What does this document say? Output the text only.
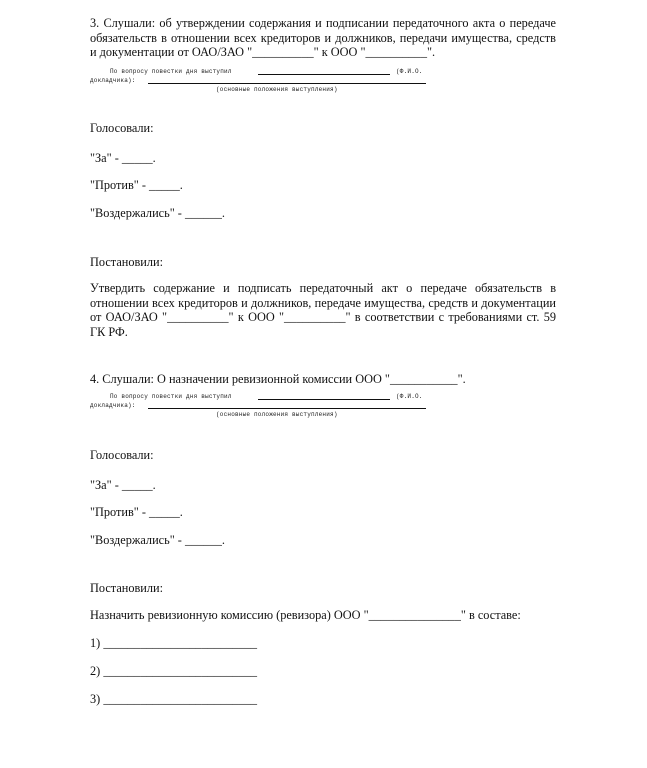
3. Слушали: об утверждении содержания и подписании передаточного акта о передаче обязательств в отношении всех кредиторов и должников, передачи имущества, средств и документации от ОАО/ЗАО "__________" к ООО "__________".

По вопросу повестки дня выступил	(Ф.И.О.
докладчика):
(основные положения выступления)

Голосовали:

"За" - _____.

"Против" - _____.

"Воздержались" - ______.

Постановили:

Утвердить содержание и подписать передаточный акт о передаче обязательств в отношении всех кредиторов и должников, передаче имущества, средств и документации от ОАО/ЗАО "__________" к ООО "__________" в соответствии с требованиями ст. 59 ГК РФ.

4. Слушали: О назначении ревизионной комиссии ООО "___________".

По вопросу повестки дня выступил	(Ф.И.О.
докладчика):
(основные положения выступления)

Голосовали:

"За" - _____.

"Против" - _____.

"Воздержались" - ______.

Постановили:

Назначить ревизионную комиссию (ревизора) ООО "_______________" в составе:

1) _________________________

2) _________________________

3) _________________________
